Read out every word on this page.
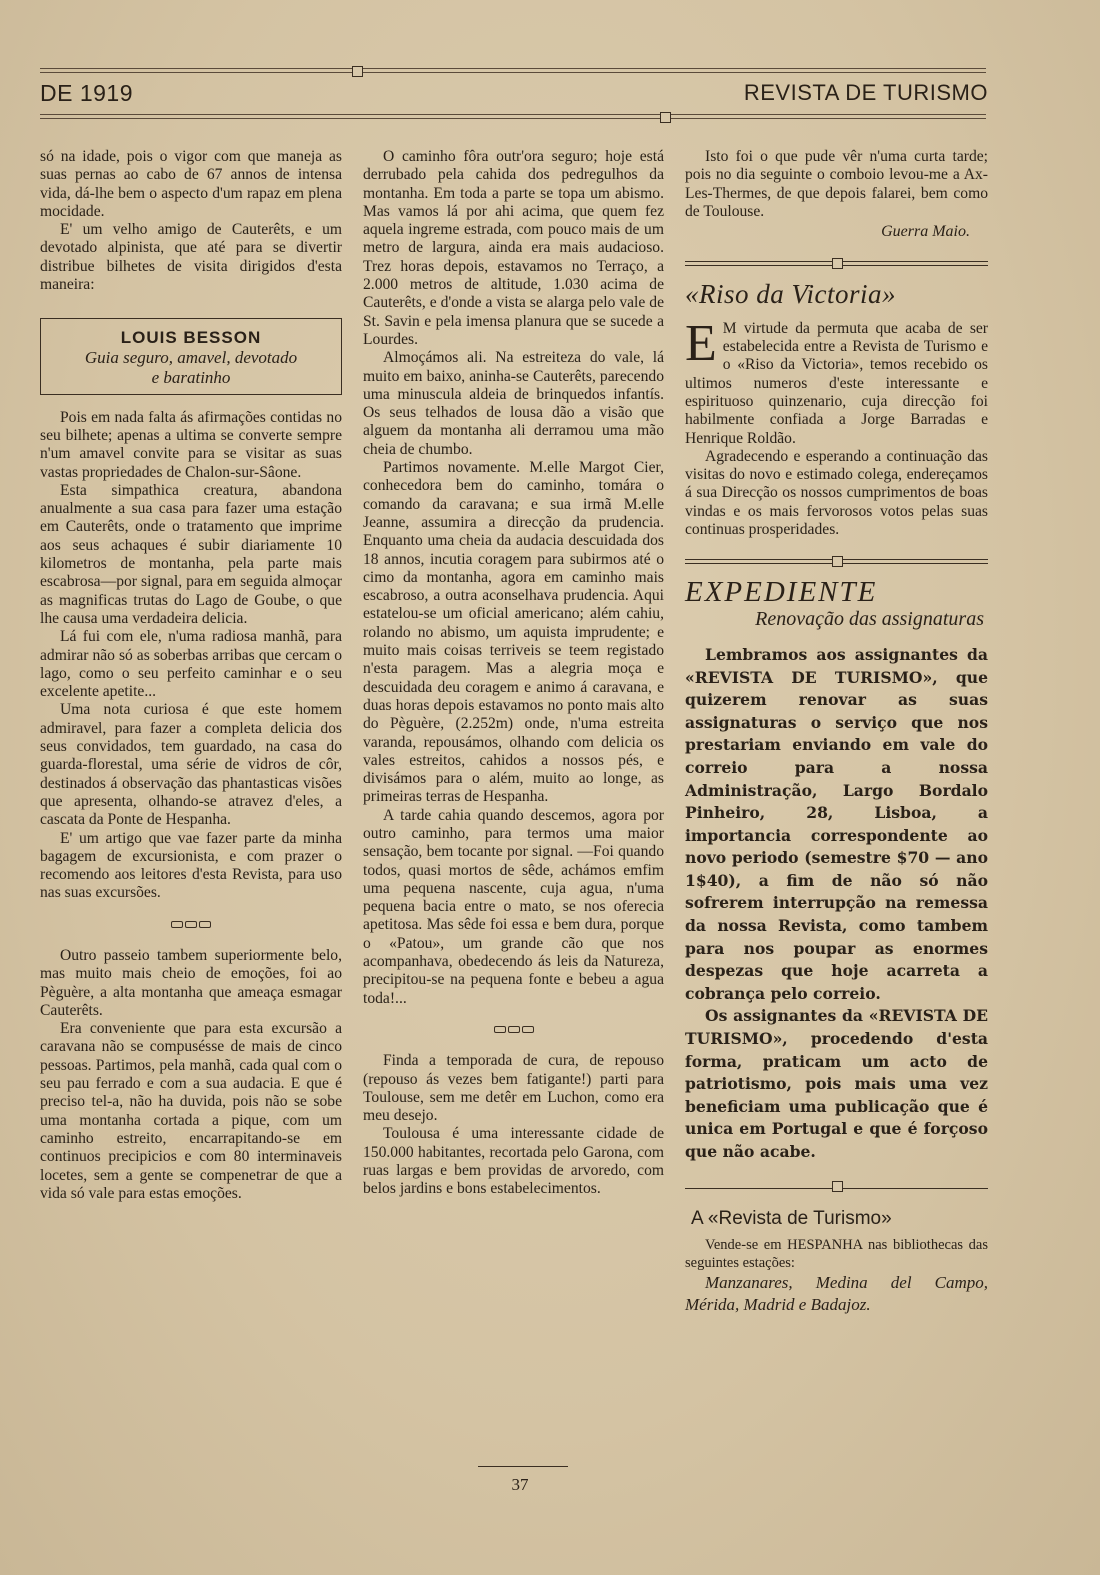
DE 1919	REVISTA DE TURISMO

só na idade, pois o vigor com que maneja as suas pernas ao cabo de 67 annos de intensa vida, dá-lhe bem o aspecto d'um rapaz em plena mocidade.

E' um velho amigo de Cauterêts, e um devotado alpinista, que até para se divertir distribue bilhetes de visita dirigidos d'esta maneira:

LOUIS BESSON
Guia seguro, amavel, devotado
e baratinho

Pois em nada falta ás afirmações contidas no seu bilhete; apenas a ultima se converte sempre n'um amavel convite para se visitar as suas vastas propriedades de Chalon-sur-Sâone.

Esta simpathica creatura, abandona anualmente a sua casa para fazer uma estação em Cauterêts, onde o tratamento que imprime aos seus achaques é subir diariamente 10 kilometros de montanha, pela parte mais escabrosa—por signal, para em seguida almoçar as magnificas trutas do Lago de Goube, o que lhe causa uma verdadeira delicia.

Lá fui com ele, n'uma radiosa manhã, para admirar não só as soberbas arribas que cercam o lago, como o seu perfeito caminhar e o seu excelente apetite...

Uma nota curiosa é que este homem admiravel, para fazer a completa delicia dos seus convidados, tem guardado, na casa do guarda-florestal, uma série de vidros de côr, destinados á observação das phantasticas visões que apresenta, olhando-se atravez d'eles, a cascata da Ponte de Hespanha.

E' um artigo que vae fazer parte da minha bagagem de excursionista, e com prazer o recomendo aos leitores d'esta Revista, para uso nas suas excursões.

Outro passeio tambem superiormente belo, mas muito mais cheio de emoções, foi ao Pèguère, a alta montanha que ameaça esmagar Cauterêts.

Era conveniente que para esta excursão a caravana não se compusésse de mais de cinco pessoas. Partimos, pela manhã, cada qual com o seu pau ferrado e com a sua audacia. E que é preciso tel-a, não ha duvida, pois não se sobe uma montanha cortada a pique, com um caminho estreito, encarrapitando-se em continuos precipicios e com 80 interminaveis locetes, sem a gente se compenetrar de que a vida só vale para estas emoções.

O caminho fôra outr'ora seguro; hoje está derrubado pela cahida dos pedregulhos da montanha. Em toda a parte se topa um abismo. Mas vamos lá por ahi acima, que quem fez aquela ingreme estrada, com pouco mais de um metro de largura, ainda era mais audacioso. Trez horas depois, estavamos no Terraço, a 2.000 metros de altitude, 1.030 acima de Cauterêts, e d'onde a vista se alarga pelo vale de St. Savin e pela imensa planura que se sucede a Lourdes.

Almoçámos ali. Na estreiteza do vale, lá muito em baixo, aninha-se Cauterêts, parecendo uma minuscula aldeia de brinquedos infantís. Os seus telhados de lousa dão a visão que alguem da montanha ali derramou uma mão cheia de chumbo.

Partimos novamente. M.elle Margot Cier, conhecedora bem do caminho, tomára o comando da caravana; e sua irmã M.elle Jeanne, assumira a direcção da prudencia. Enquanto uma cheia da audacia descuidada dos 18 annos, incutia coragem para subirmos até o cimo da montanha, agora em caminho mais escabroso, a outra aconselhava prudencia. Aqui estatelou-se um oficial americano; além cahiu, rolando no abismo, um aquista imprudente; e muito mais coisas terriveis se teem registado n'esta paragem. Mas a alegria moça e descuidada deu coragem e animo á caravana, e duas horas depois estavamos no ponto mais alto do Pèguère, (2.252m) onde, n'uma estreita varanda, repousámos, olhando com delicia os vales estreitos, cahidos a nossos pés, e divisámos para o além, muito ao longe, as primeiras terras de Hespanha.

A tarde cahia quando descemos, agora por outro caminho, para termos uma maior sensação, bem tocante por signal. —Foi quando todos, quasi mortos de sêde, achámos emfim uma pequena nascente, cuja agua, n'uma pequena bacia entre o mato, se nos oferecia apetitosa. Mas sêde foi essa e bem dura, porque o «Patou», um grande cão que nos acompanhava, obedecendo ás leis da Natureza, precipitou-se na pequena fonte e bebeu a agua toda!...

Finda a temporada de cura, de repouso (repouso ás vezes bem fatigante!) parti para Toulouse, sem me detêr em Luchon, como era meu desejo.

Toulousa é uma interessante cidade de 150.000 habitantes, recortada pelo Garona, com ruas largas e bem providas de arvoredo, com belos jardins e bons estabelecimentos.

Isto foi o que pude vêr n'uma curta tarde; pois no dia seguinte o comboio levou-me a Ax-Les-Thermes, de que depois falarei, bem como de Toulouse.

Guerra Maio.
«Riso da Victoria»
E M virtude da permuta que acaba de ser estabelecida entre a Revista de Turismo e o «Riso da Victoria», temos recebido os ultimos numeros d'este interessante e espirituoso quinzenario, cuja direcção foi habilmente confiada a Jorge Barradas e Henrique Roldão.

Agradecendo e esperando a continuação das visitas do novo e estimado colega, endereçamos á sua Direcção os nossos cumprimentos de boas vindas e os mais fervorosos votos pelas suas continuas prosperidades.

EXPEDIENTE
Renovação das assignaturas

Lembramos aos assignantes da «REVISTA DE TURISMO», que quizerem renovar as suas assignaturas o serviço que nos prestariam enviando em vale do correio para a nossa Administração, Largo Bordalo Pinheiro, 28, Lisboa, a importancia correspondente ao novo periodo (semestre $70 — ano 1$40), a fim de não só não sofrerem interrupção na remessa da nossa Revista, como tambem para nos poupar as enormes despezas que hoje acarreta a cobrança pelo correio.

Os assignantes da «REVISTA DE TURISMO», procedendo d'esta forma, praticam um acto de patriotismo, pois mais uma vez beneficiam uma publicação que é unica em Portugal e que é forçoso que não acabe.

A «Revista de Turismo»

Vende-se em HESPANHA nas bibliothecas das seguintes estações:

Manzanares, Medina del Campo, Mérida, Madrid e Badajoz.

37
